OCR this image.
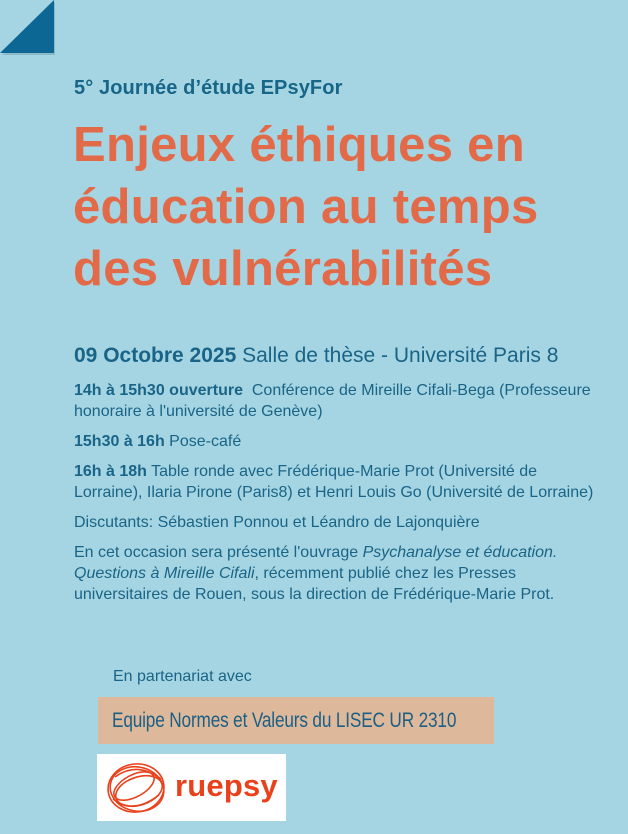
5° Journée d’étude EPsyFor
Enjeux éthiques en
éducation au temps
des vulnérabilités
09 Octobre 2025 Salle de thèse - Université Paris 8

14h à 15h30 ouverture  Conférence de Mireille Cifali-Bega (Professeure honoraire à l'université de Genève)

15h30 à 16h Pose-café

16h à 18h Table ronde avec Frédérique-Marie Prot (Université de Lorraine), Ilaria Pirone (Paris8) et Henri Louis Go (Université de Lorraine)

Discutants: Sébastien Ponnou et Léandro de Lajonquière

En cet occasion sera présenté l'ouvrage Psychanalyse et éducation. Questions à Mireille Cifali, récemment publié chez les Presses universitaires de Rouen, sous la direction de Frédérique-Marie Prot.

En partenariat avec
Equipe Normes et Valeurs du LISEC UR 2310
ruepsy
